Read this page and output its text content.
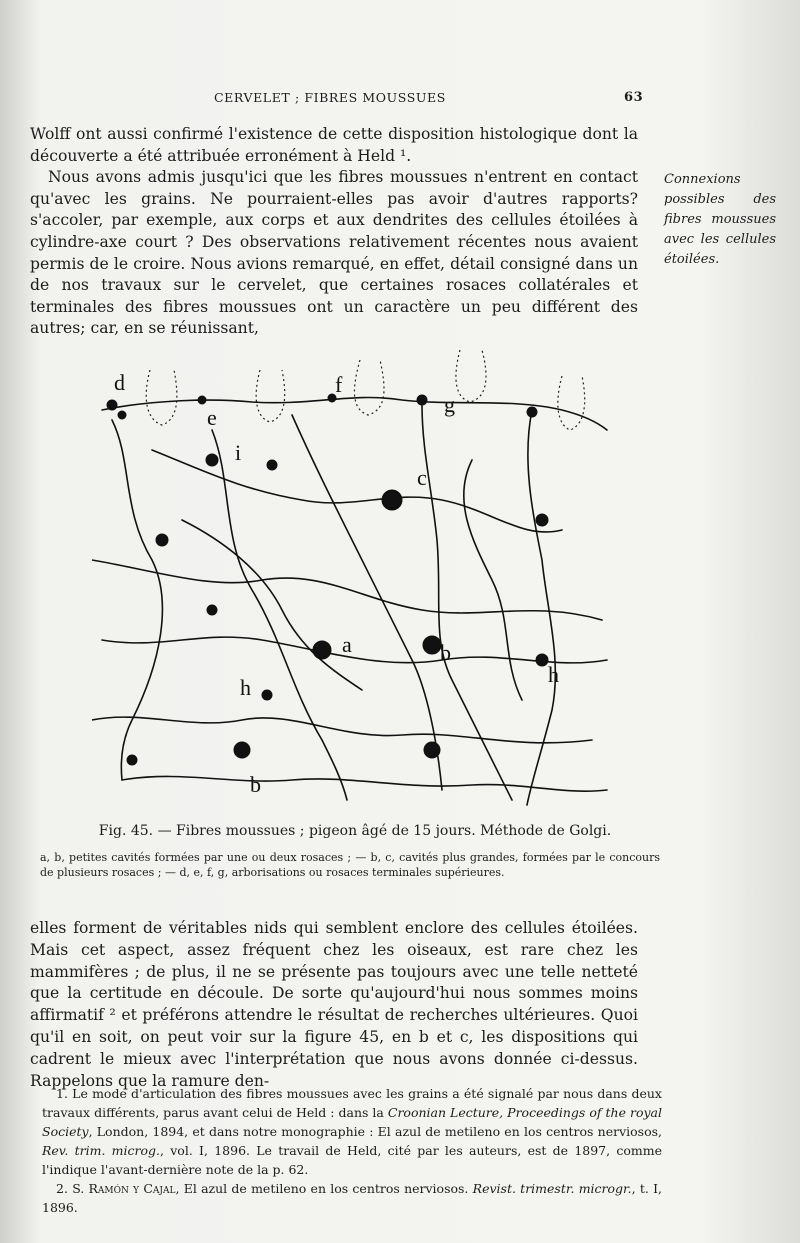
CERVELET ; FIBRES MOUSSUES	63
Wolff ont aussi confirmé l'existence de cette disposition histologique dont la découverte a été attribuée erronément à Held ¹.
Nous avons admis jusqu'ici que les fibres moussues n'entrent en contact qu'avec les grains. Ne pourraient-elles pas avoir d'autres rapports? s'accoler, par exemple, aux corps et aux dendrites des cellules étoilées à cylindre-axe court ? Des observations relativement récentes nous avaient permis de le croire. Nous avions remarqué, en effet, détail consigné dans un de nos travaux sur le cervelet, que certaines rosaces collatérales et terminales des fibres moussues ont un caractère un peu différent des autres; car, en se réunissant,
Connexions possibles des fibres moussues avec les cellules étoilées.
d
e
f
g
i
c
a	b
h
h
b
Fig. 45. — Fibres moussues ; pigeon âgé de 15 jours. Méthode de Golgi.
a, b, petites cavités formées par une ou deux rosaces ; — b, c, cavités plus grandes, formées par le concours de plusieurs rosaces ; — d, e, f, g, arborisations ou rosaces terminales supérieures.
elles forment de véritables nids qui semblent enclore des cellules étoilées. Mais cet aspect, assez fréquent chez les oiseaux, est rare chez les mammifères ; de plus, il ne se présente pas toujours avec une telle netteté que la certitude en découle. De sorte qu'aujourd'hui nous sommes moins affirmatif ² et préférons attendre le résultat de recherches ultérieures. Quoi qu'il en soit, on peut voir sur la figure 45, en b et c, les dispositions qui cadrent le mieux avec l'interprétation que nous avons donnée ci-dessus. Rappelons que la ramure den-

1. Le mode d'articulation des fibres moussues avec les grains a été signalé par nous dans deux travaux différents, parus avant celui de Held : dans la Croonian Lecture, Proceedings of the royal Society, London, 1894, et dans notre monographie : El azul de metileno en los centros nerviosos, Rev. trim. microg., vol. I, 1896. Le travail de Held, cité par les auteurs, est de 1897, comme l'indique l'avant-dernière note de la p. 62.

2. S. Ramón y Cajal, El azul de metileno en los centros nerviosos. Revist. trimestr. microgr., t. I, 1896.
